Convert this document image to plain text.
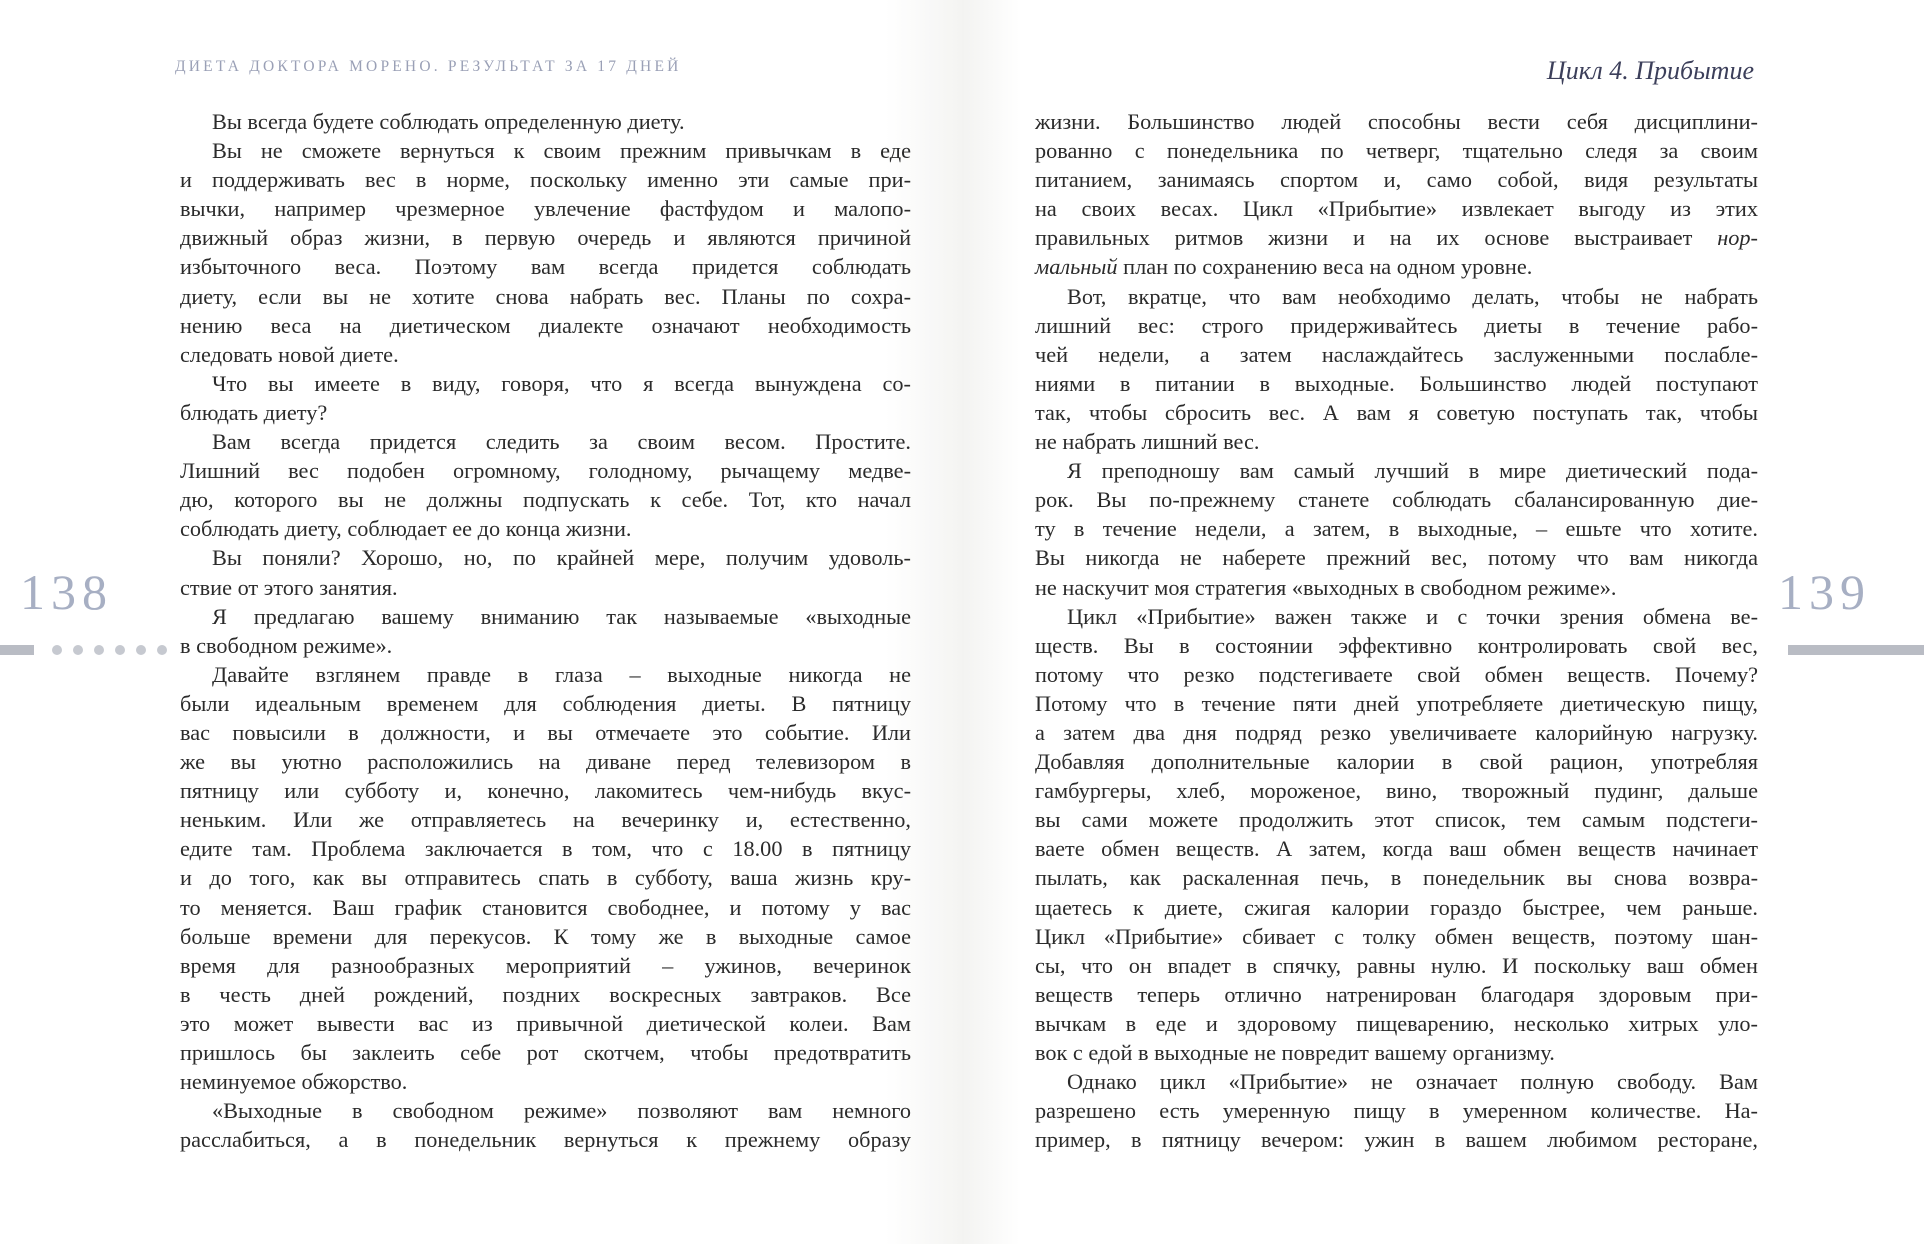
ДИЕТА ДОКТОРА МОРЕНО. РЕЗУЛЬТАТ ЗА 17 ДНЕЙ
138
Вы всегда будете соблюдать определенную диету.
Вы не сможете вернуться к своим прежним привычкам в еде
и поддерживать вес в норме, поскольку именно эти самые при-
вычки, например чрезмерное увлечение фастфудом и малопо-
движный образ жизни, в первую очередь и являются причиной
избыточного веса. Поэтому вам всегда придется соблюдать
диету, если вы не хотите снова набрать вес. Планы по сохра-
нению веса на диетическом диалекте означают необходимость
следовать новой диете.
Что вы имеете в виду, говоря, что я всегда вынуждена со-
блюдать диету?
Вам всегда придется следить за своим весом. Простите.
Лишний вес подобен огромному, голодному, рычащему медве-
дю, которого вы не должны подпускать к себе. Тот, кто начал
соблюдать диету, соблюдает ее до конца жизни.
Вы поняли? Хорошо, но, по крайней мере, получим удоволь-
ствие от этого занятия.
Я предлагаю вашему вниманию так называемые «выходные
в свободном режиме».
Давайте взглянем правде в глаза – выходные никогда не
были идеальным временем для соблюдения диеты. В пятницу
вас повысили в должности, и вы отмечаете это событие. Или
же вы уютно расположились на диване перед телевизором в
пятницу или субботу и, конечно, лакомитесь чем-нибудь вкус-
неньким. Или же отправляетесь на вечеринку и, естественно,
едите там. Проблема заключается в том, что с 18.00 в пятницу
и до того, как вы отправитесь спать в субботу, ваша жизнь кру-
то меняется. Ваш график становится свободнее, и потому у вас
больше времени для перекусов. К тому же в выходные самое
время для разнообразных мероприятий – ужинов, вечеринок
в честь дней рождений, поздних воскресных завтраков. Все
это может вывести вас из привычной диетической колеи. Вам
пришлось бы заклеить себе рот скотчем, чтобы предотвратить
неминуемое обжорство.
«Выходные в свободном режиме» позволяют вам немного
расслабиться, а в понедельник вернуться к прежнему образу
Цикл 4. Прибытие
139
жизни. Большинство людей способны вести себя дисциплини-
рованно с понедельника по четверг, тщательно следя за своим
питанием, занимаясь спортом и, само собой, видя результаты
на своих весах. Цикл «Прибытие» извлекает выгоду из этих
правильных ритмов жизни и на их основе выстраивает нор-
мальный план по сохранению веса на одном уровне.
Вот, вкратце, что вам необходимо делать, чтобы не набрать
лишний вес: строго придерживайтесь диеты в течение рабо-
чей недели, а затем наслаждайтесь заслуженными послабле-
ниями в питании в выходные. Большинство людей поступают
так, чтобы сбросить вес. А вам я советую поступать так, чтобы
не набрать лишний вес.
Я преподношу вам самый лучший в мире диетический пода-
рок. Вы по-прежнему станете соблюдать сбалансированную дие-
ту в течение недели, а затем, в выходные, – ешьте что хотите.
Вы никогда не наберете прежний вес, потому что вам никогда
не наскучит моя стратегия «выходных в свободном режиме».
Цикл «Прибытие» важен также и с точки зрения обмена ве-
ществ. Вы в состоянии эффективно контролировать свой вес,
потому что резко подстегиваете свой обмен веществ. Почему?
Потому что в течение пяти дней употребляете диетическую пищу,
а затем два дня подряд резко увеличиваете калорийную нагрузку.
Добавляя дополнительные калории в свой рацион, употребляя
гамбургеры, хлеб, мороженое, вино, творожный пудинг, дальше
вы сами можете продолжить этот список, тем самым подстеги-
ваете обмен веществ. А затем, когда ваш обмен веществ начинает
пылать, как раскаленная печь, в понедельник вы снова возвра-
щаетесь к диете, сжигая калории гораздо быстрее, чем раньше.
Цикл «Прибытие» сбивает с толку обмен веществ, поэтому шан-
сы, что он впадет в спячку, равны нулю. И поскольку ваш обмен
веществ теперь отлично натренирован благодаря здоровым при-
вычкам в еде и здоровому пищеварению, несколько хитрых уло-
вок с едой в выходные не повредит вашему организму.
Однако цикл «Прибытие» не означает полную свободу. Вам
разрешено есть умеренную пищу в умеренном количестве. На-
пример, в пятницу вечером: ужин в вашем любимом ресторане,
